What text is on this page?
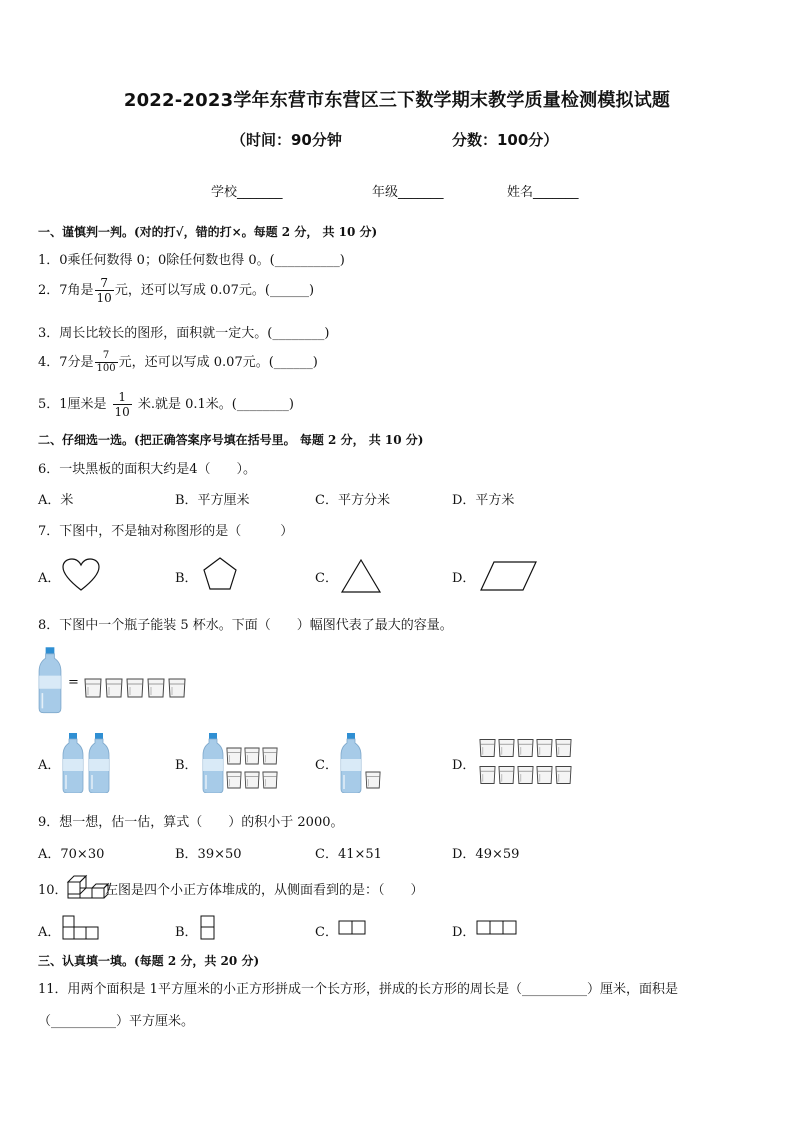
2022-2023学年东营市东营区三下数学期末教学质量检测模拟试题
（时间：90分钟	分数：100分）
学校_______	年级_______	姓名_______
一、谨慎判一判。(对的打√，错的打×。每题 2 分， 共 10 分)
1．0乘任何数得 0；0除任何数也得 0。(__________)
2．7角是 $\frac{7}{10}$ 元，还可以写成 0.07元。(______)
3．周长比较长的图形，面积就一定大。(________)
4．7分是 $\frac{7}{100}$ 元，还可以写成 0.07元。(______)
5．1厘米是 $\frac{1}{10}$ 米.就是 0.1米。(________)
二、仔细选一选。(把正确答案序号填在括号里。 每题 2 分， 共 10 分)
6．一块黑板的面积大约是4（　　）。
A．米	B．平方厘米	C．平方分米	D．平方米
7．下图中，不是轴对称图形的是（　　　）
A．	B．	C．	D．
8．下图中一个瓶子能装 5 杯水。下面（　　）幅图代表了最大的容量。
=
A．	B．	C．	D．
9．想一想，估一估，算式（　　）的积小于 2000。
A．70×30	B．39×50	C．41×51	D．49×59
10．	左图是四个小正方体堆成的，从侧面看到的是：（　　）
A．	B．	C．	D．
三、认真填一填。(每题 2 分，共 20 分)
11．用两个面积是 1平方厘米的小正方形拼成一个长方形，拼成的长方形的周长是（__________）厘米，面积是
（__________）平方厘米。
